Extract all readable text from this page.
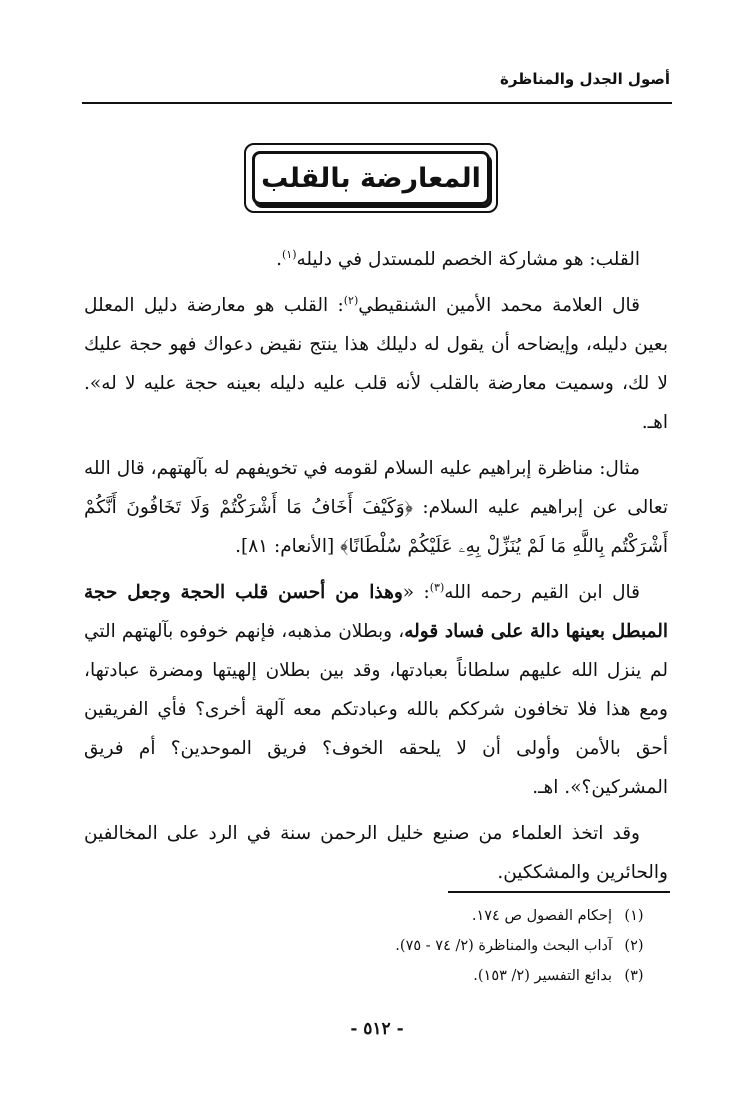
أصول الجدل والمناظرة
المعارضة بالقلب

القلب: هو مشاركة الخصم للمستدل في دليله$^{(١)}$.

قال العلامة محمد الأمين الشنقيطي$^{(٢)}$: القلب هو معارضة دليل المعلل بعين دليله، وإيضاحه أن يقول له دليلك هذا ينتج نقيض دعواك فهو حجة عليك لا لك، وسميت معارضة بالقلب لأنه قلب عليه دليله بعينه حجة عليه لا له». اهـ.

مثال: مناظرة إبراهيم عليه السلام لقومه في تخويفهم له بآلهتهم، قال الله تعالى عن إبراهيم عليه السلام: ﴿وَكَيْفَ أَخَافُ مَا أَشْرَكْتُمْ وَلَا تَخَافُونَ أَنَّكُمْ أَشْرَكْتُم بِاللَّهِ مَا لَمْ يُنَزِّلْ بِهِۦ عَلَيْكُمْ سُلْطَانًا﴾ [الأنعام: ٨١].

قال ابن القيم رحمه الله$^{(٣)}$: «وهذا من أحسن قلب الحجة وجعل حجة المبطل بعينها دالة على فساد قوله، وبطلان مذهبه، فإنهم خوفوه بآلهتهم التي لم ينزل الله عليهم سلطاناً بعبادتها، وقد بين بطلان إلهيتها ومضرة عبادتها، ومع هذا فلا تخافون شرككم بالله وعبادتكم معه آلهة أخرى؟ فأي الفريقين أحق بالأمن وأولى أن لا يلحقه الخوف؟ فريق الموحدين؟ أم فريق المشركين؟». اهـ.

وقد اتخذ العلماء من صنيع خليل الرحمن سنة في الرد على المخالفين والحائرين والمشككين.

(١)
إحكام الفصول ص ١٧٤.
(٢)
آداب البحث والمناظرة (٢/ ٧٤ - ٧٥).
(٣)
بدائع التفسير (٢/ ١٥٣).
- ٥١٢ -
